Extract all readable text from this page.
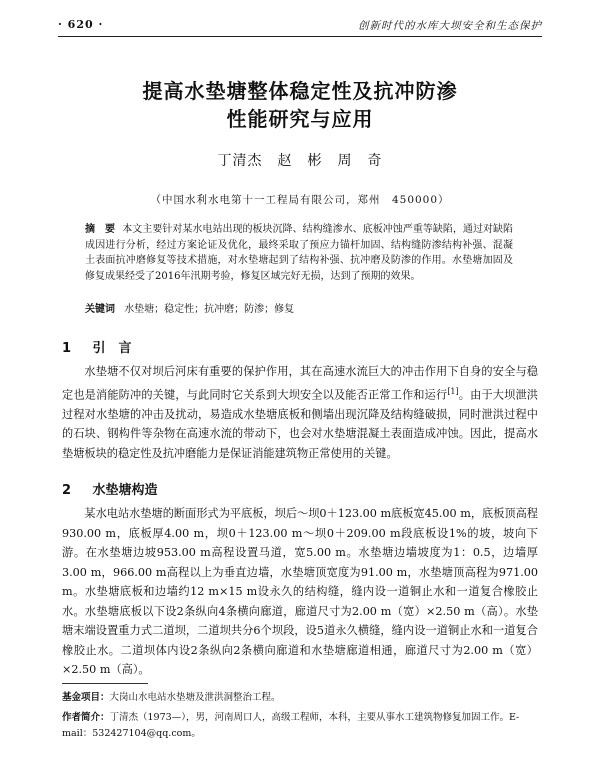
· 620 ·	创新时代的水库大坝安全和生态保护
提高水垫塘整体稳定性及抗冲防渗
性能研究与应用
丁清杰　赵　彬　周　奇
（中国水利水电第十一工程局有限公司，郑州　450000）
摘　要 本文主要针对某水电站出现的板块沉降、结构缝渗水、底板冲蚀严重等缺陷，通过对缺陷成因进行分析，经过方案论证及优化，最终采取了预应力锚杆加固、结构缝防渗结构补强、混凝土表面抗冲磨修复等技术措施，对水垫塘起到了结构补强、抗冲磨及防渗的作用。水垫塘加固及修复成果经受了2016年汛期考验，修复区域完好无损，达到了预期的效果。
关键词 水垫塘；稳定性；抗冲磨；防渗；修复
1 引　言
水垫塘不仅对坝后河床有重要的保护作用，其在高速水流巨大的冲击作用下自身的安全与稳定也是消能防冲的关键，与此同时它关系到大坝安全以及能否正常工作和运行[1]。由于大坝泄洪过程对水垫塘的冲击及扰动，易造成水垫塘底板和侧墙出现沉降及结构缝破损，同时泄洪过程中的石块、钢构件等杂物在高速水流的带动下，也会对水垫塘混凝土表面造成冲蚀。因此，提高水垫塘板块的稳定性及抗冲磨能力是保证消能建筑物正常使用的关键。
2 水垫塘构造
某水电站水垫塘的断面形式为平底板，坝后～坝0＋123.00 m底板宽45.00 m，底板顶高程930.00 m，底板厚4.00 m，坝0＋123.00 m～坝0＋209.00 m段底板设1%的坡，坡向下游。在水垫塘边坡953.00 m高程设置马道，宽5.00 m。水垫塘边墙坡度为1：0.5，边墙厚3.00 m，966.00 m高程以上为垂直边墙，水垫塘顶宽度为91.00 m，水垫塘顶高程为971.00 m。水垫塘底板和边墙约12 m×15 m设永久的结构缝，缝内设一道铜止水和一道复合橡胶止水。水垫塘底板以下设2条纵向4条横向廊道，廊道尺寸为2.00 m（宽）×2.50 m（高）。水垫塘末端设置重力式二道坝，二道坝共分6个坝段，设5道永久横缝，缝内设一道铜止水和一道复合橡胶止水。二道坝体内设2条纵向2条横向廊道和水垫塘廊道相通，廊道尺寸为2.00 m（宽）×2.50 m（高）。
基金项目：大岗山水电站水垫塘及泄洪洞整治工程。
作者简介：丁清杰（1973—），男，河南周口人，高级工程师，本科，主要从事水工建筑物修复加固工作。E-mail：532427104@qq.com。
